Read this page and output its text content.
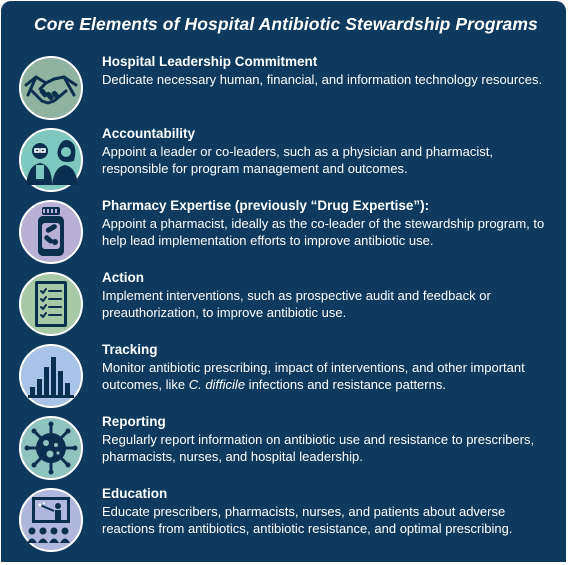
Core Elements of Hospital Antibiotic Stewardship Programs

Hospital Leadership Commitment

Dedicate necessary human, financial, and information technology resources.

Accountability

Appoint a leader or co-leaders, such as a physician and pharmacist, responsible for program management and outcomes.

Pharmacy Expertise (previously “Drug Expertise”):

Appoint a pharmacist, ideally as the co-leader of the stewardship program, to help lead implementation efforts to improve antibiotic use.

Action

Implement interventions, such as prospective audit and feedback or preauthorization, to improve antibiotic use.

Tracking

Monitor antibiotic prescribing, impact of interventions, and other important outcomes, like C. difficile infections and resistance patterns.

Reporting

Regularly report information on antibiotic use and resistance to prescribers, pharmacists, nurses, and hospital leadership.

Education

Educate prescribers, pharmacists, nurses, and patients about adverse reactions from antibiotics, antibiotic resistance, and optimal prescribing.
